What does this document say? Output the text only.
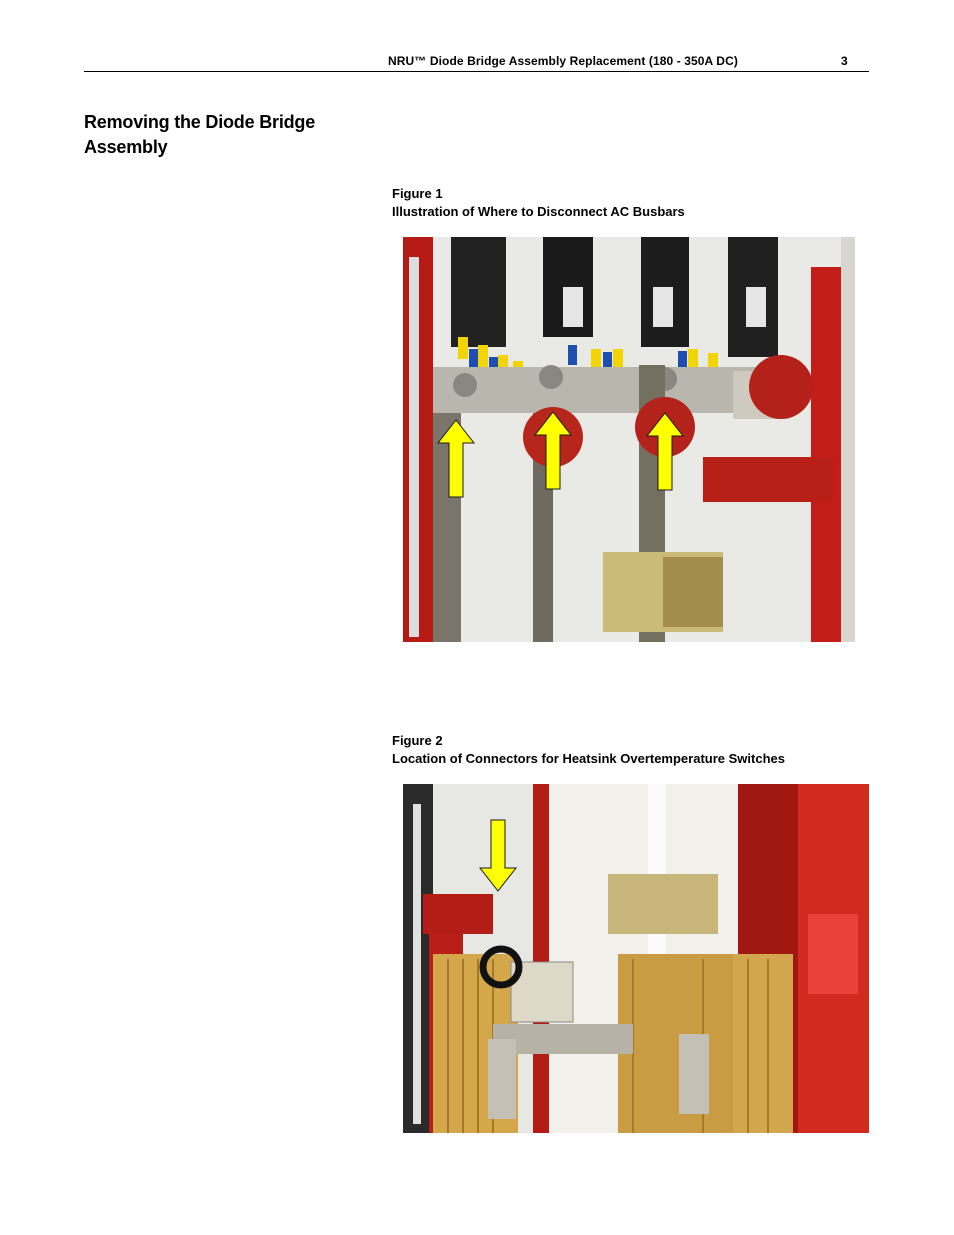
NRU™ Diode Bridge Assembly Replacement (180 - 350A DC)	3
Removing the Diode Bridge
Assembly
Figure 1
Illustration of Where to Disconnect AC Busbars
Figure 2
Location of Connectors for Heatsink Overtemperature Switches
